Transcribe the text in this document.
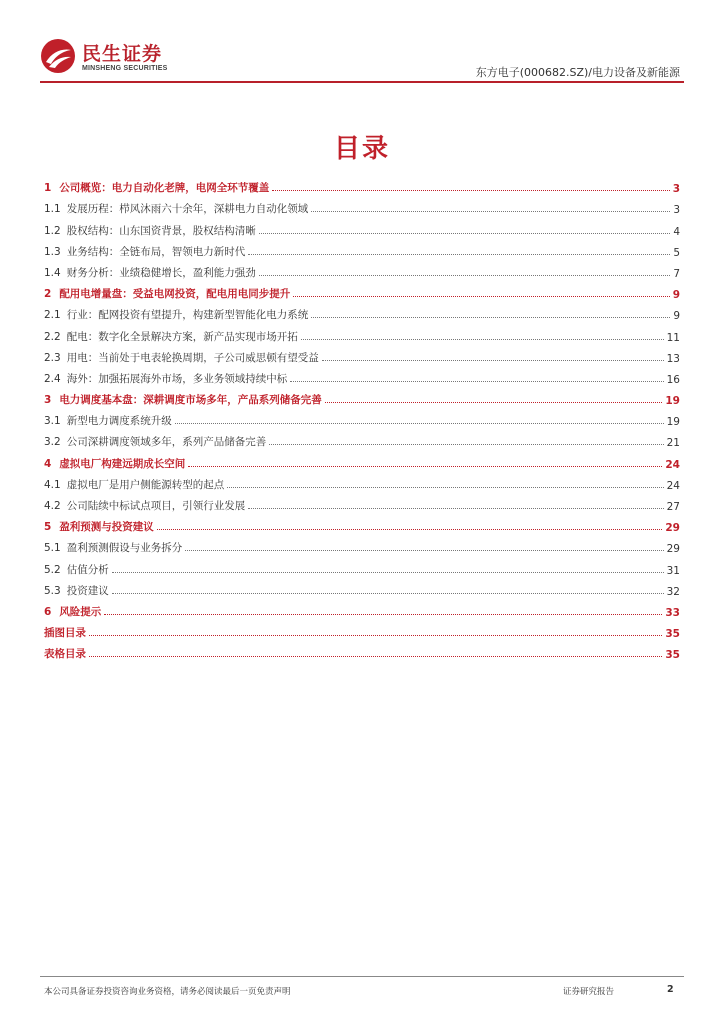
民生证券
MINSHENG SECURITIES	东方电子(000682.SZ)/电力设备及新能源
目录
1 公司概览：电力自动化老牌，电网全环节覆盖	3
1.1 发展历程：栉风沐雨六十余年，深耕电力自动化领域	3
1.2 股权结构：山东国资背景，股权结构清晰	4
1.3 业务结构：全链布局，智领电力新时代	5
1.4 财务分析：业绩稳健增长，盈利能力强劲	7
2 配用电增量盘：受益电网投资，配电用电同步提升	9
2.1 行业：配网投资有望提升，构建新型智能化电力系统	9
2.2 配电：数字化全景解决方案，新产品实现市场开拓	11
2.3 用电：当前处于电表轮换周期，子公司威思顿有望受益	13
2.4 海外：加强拓展海外市场，多业务领域持续中标	16
3 电力调度基本盘：深耕调度市场多年，产品系列储备完善	19
3.1 新型电力调度系统升级	19
3.2 公司深耕调度领域多年，系列产品储备完善	21
4 虚拟电厂构建远期成长空间	24
4.1 虚拟电厂是用户侧能源转型的起点	24
4.2 公司陆续中标试点项目，引领行业发展	27
5 盈利预测与投资建议	29
5.1 盈利预测假设与业务拆分	29
5.2 估值分析	31
5.3 投资建议	32
6 风险提示	33
插图目录	35
表格目录	35
本公司具备证券投资咨询业务资格，请务必阅读最后一页免责声明	证券研究报告	2
